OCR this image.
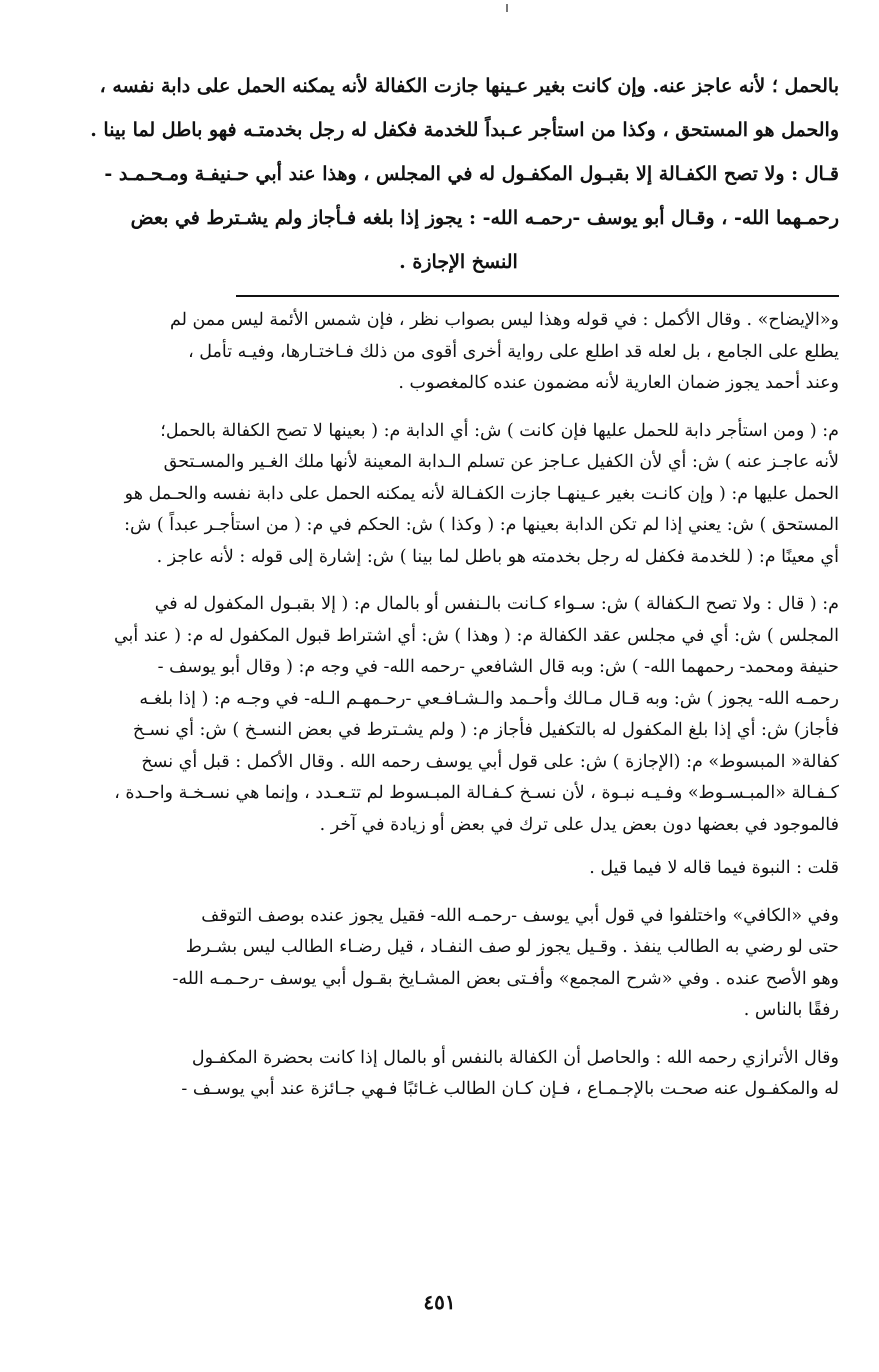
بالحمل ؛ لأنه عاجز عنه. وإن كانت بغير عـينها جازت الكفالة لأنه يمكنه الحمل على دابة نفسه ،
والحمل هو المستحق ، وكذا من استأجر عـبداً للخدمة فكفل له رجل بخدمتـه فهو باطل لما بينا .
قـال : ولا تصح الكفـالة إلا بقبـول المكفـول له في المجلس ، وهذا عند أبي حـنيفـة ومـحـمـد -
رحمـهما الله- ، وقـال أبو يوسف -رحمـه الله- : يجوز إذا بلغه فـأجاز ولم يشـترط في بعض
النسخ الإجازة .
و«الإيضاح» . وقال الأكمل : في قوله وهذا ليس بصواب نظر ، فإن شمس الأئمة ليس ممن لم
يطلع على الجامع ، بل لعله قد اطلع على رواية أخرى أقوى من ذلك فـاختـارها، وفيـه تأمل ،
وعند أحمد يجوز ضمان العارية لأنه مضمون عنده كالمغصوب .
م: ( ومن استأجر دابة للحمل عليها فإن كانت ) ش: أي الدابة م: ( بعينها لا تصح الكفالة بالحمل؛
لأنه عاجـز عنه ) ش: أي لأن الكفيل عـاجز عن تسلم الـدابة المعينة لأنها ملك الغـير والمسـتحق
الحمل عليها م: ( وإن كانـت بغير عـينهـا جازت الكفـالة لأنه يمكنه الحمل على دابة نفسه والحـمل هو
المستحق ) ش: يعني إذا لم تكن الدابة بعينها م: ( وكذا ) ش: الحكم في م: ( من استأجـر عبداً ) ش:
أي معينًا م: ( للخدمة فكفل له رجل بخدمته هو باطل لما بينا ) ش: إشارة إلى قوله : لأنه عاجز .
م: ( قال : ولا تصح الـكفالة ) ش: سـواء كـانت بالـنفس أو بالمال م: ( إلا بقبـول المكفول له في
المجلس ) ش: أي في مجلس عقد الكفالة م: ( وهذا ) ش: أي اشتراط قبول المكفول له م: ( عند أبي
حنيفة ومحمد- رحمهما الله- ) ش: وبه قال الشافعي -رحمه الله- في وجه م: ( وقال أبو يوسف -
رحمـه الله- يجوز ) ش: وبه قـال مـالك وأحـمد والـشـافـعي -رحـمهـم الـله- في وجـه م: ( إذا بلغـه
فأجاز) ش: أي إذا بلغ المكفول له بالتكفيل فأجاز م: ( ولم يشـترط في بعض النسـخ ) ش: أي نسـخ
كفالة« المبسوط» م: (الإجازة ) ش: على قول أبي يوسف رحمه الله . وقال الأكمل : قبل أي نسخ
كـفـالة «المبـسـوط» وفـيـه نبـوة ، لأن نسـخ كـفـالة المبـسوط لم تتـعـدد ، وإنما هي نسـخـة واحـدة ،
فالموجود في بعضها دون بعض يدل على ترك في بعض أو زيادة في آخر .
قلت : النبوة فيما قاله لا فيما قيل .
وفي «الكافي» واختلفوا في قول أبي يوسف -رحمـه الله- فقيل يجوز عنده بوصف التوقف
حتى لو رضي به الطالب ينفذ . وقـيل يجوز لو صف النفـاد ، قيل رضـاء الطالب ليس بشـرط
وهو الأصح عنده . وفي «شرح المجمع» وأفـتى بعض المشـايخ بقـول أبي يوسف -رحـمـه الله-
رفقًا بالناس .
وقال الأترازي رحمه الله : والحاصل أن الكفالة بالنفس أو بالمال إذا كانت بحضرة المكفـول
له والمكفـول عنه صحـت بالإجـمـاع ، فـإن كـان الطالب غـائبًا فـهي جـائزة عند أبي يوسـف -
٤٥١
